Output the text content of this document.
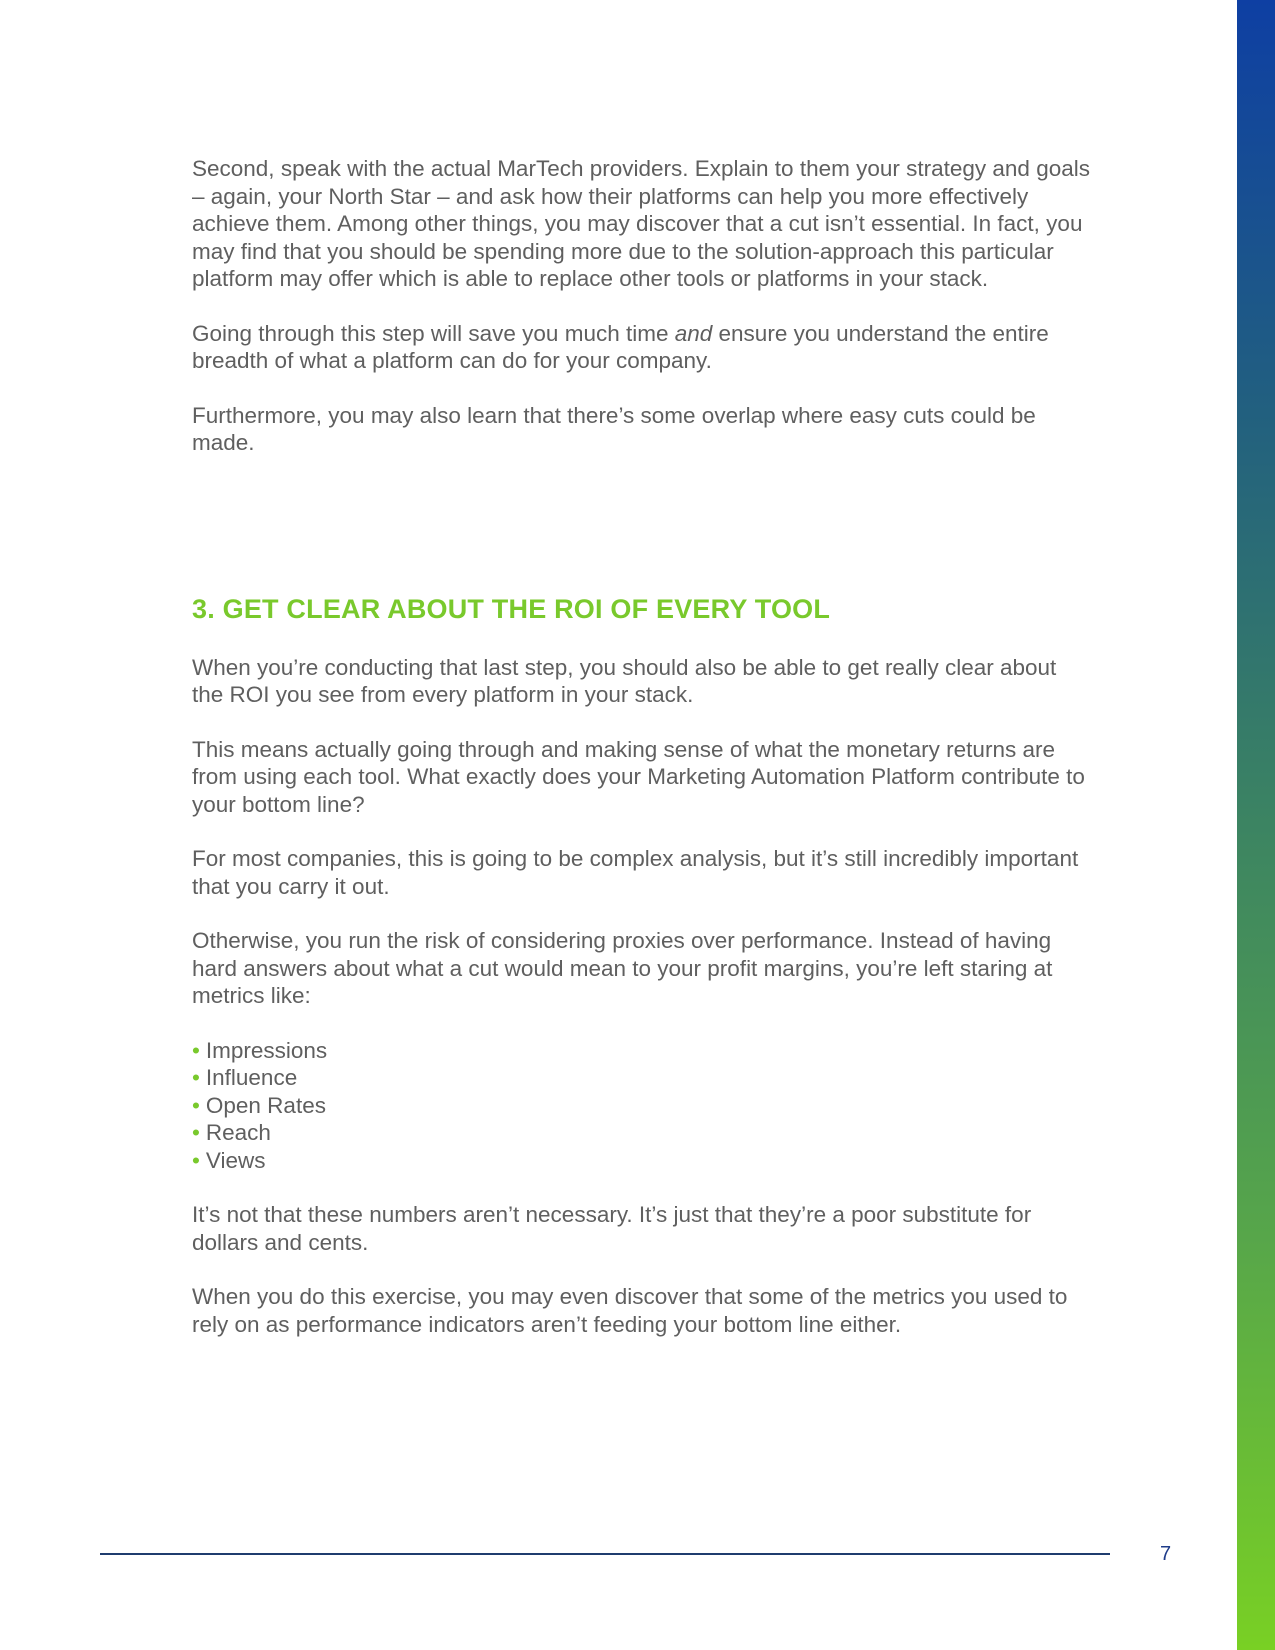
Second, speak with the actual MarTech providers. Explain to them your strategy and goals – again, your North Star – and ask how their platforms can help you more effectively achieve them. Among other things, you may discover that a cut isn’t essential. In fact, you may find that you should be spending more due to the solution-approach this particular platform may offer which is able to replace other tools or platforms in your stack.

Going through this step will save you much time and ensure you understand the entire breadth of what a platform can do for your company.

Furthermore, you may also learn that there’s some overlap where easy cuts could be made.

3. GET CLEAR ABOUT THE ROI OF EVERY TOOL

When you’re conducting that last step, you should also be able to get really clear about the ROI you see from every platform in your stack.

This means actually going through and making sense of what the monetary returns are from using each tool. What exactly does your Marketing Automation Platform contribute to your bottom line?

For most companies, this is going to be complex analysis, but it’s still incredibly important that you carry it out.

Otherwise, you run the risk of considering proxies over performance. Instead of having hard answers about what a cut would mean to your profit margins, you’re left staring at metrics like:

• Impressions
• Influence
• Open Rates
• Reach
• Views

It’s not that these numbers aren’t necessary. It’s just that they’re a poor substitute for dollars and cents.

When you do this exercise, you may even discover that some of the metrics you used to rely on as performance indicators aren’t feeding your bottom line either.

7
